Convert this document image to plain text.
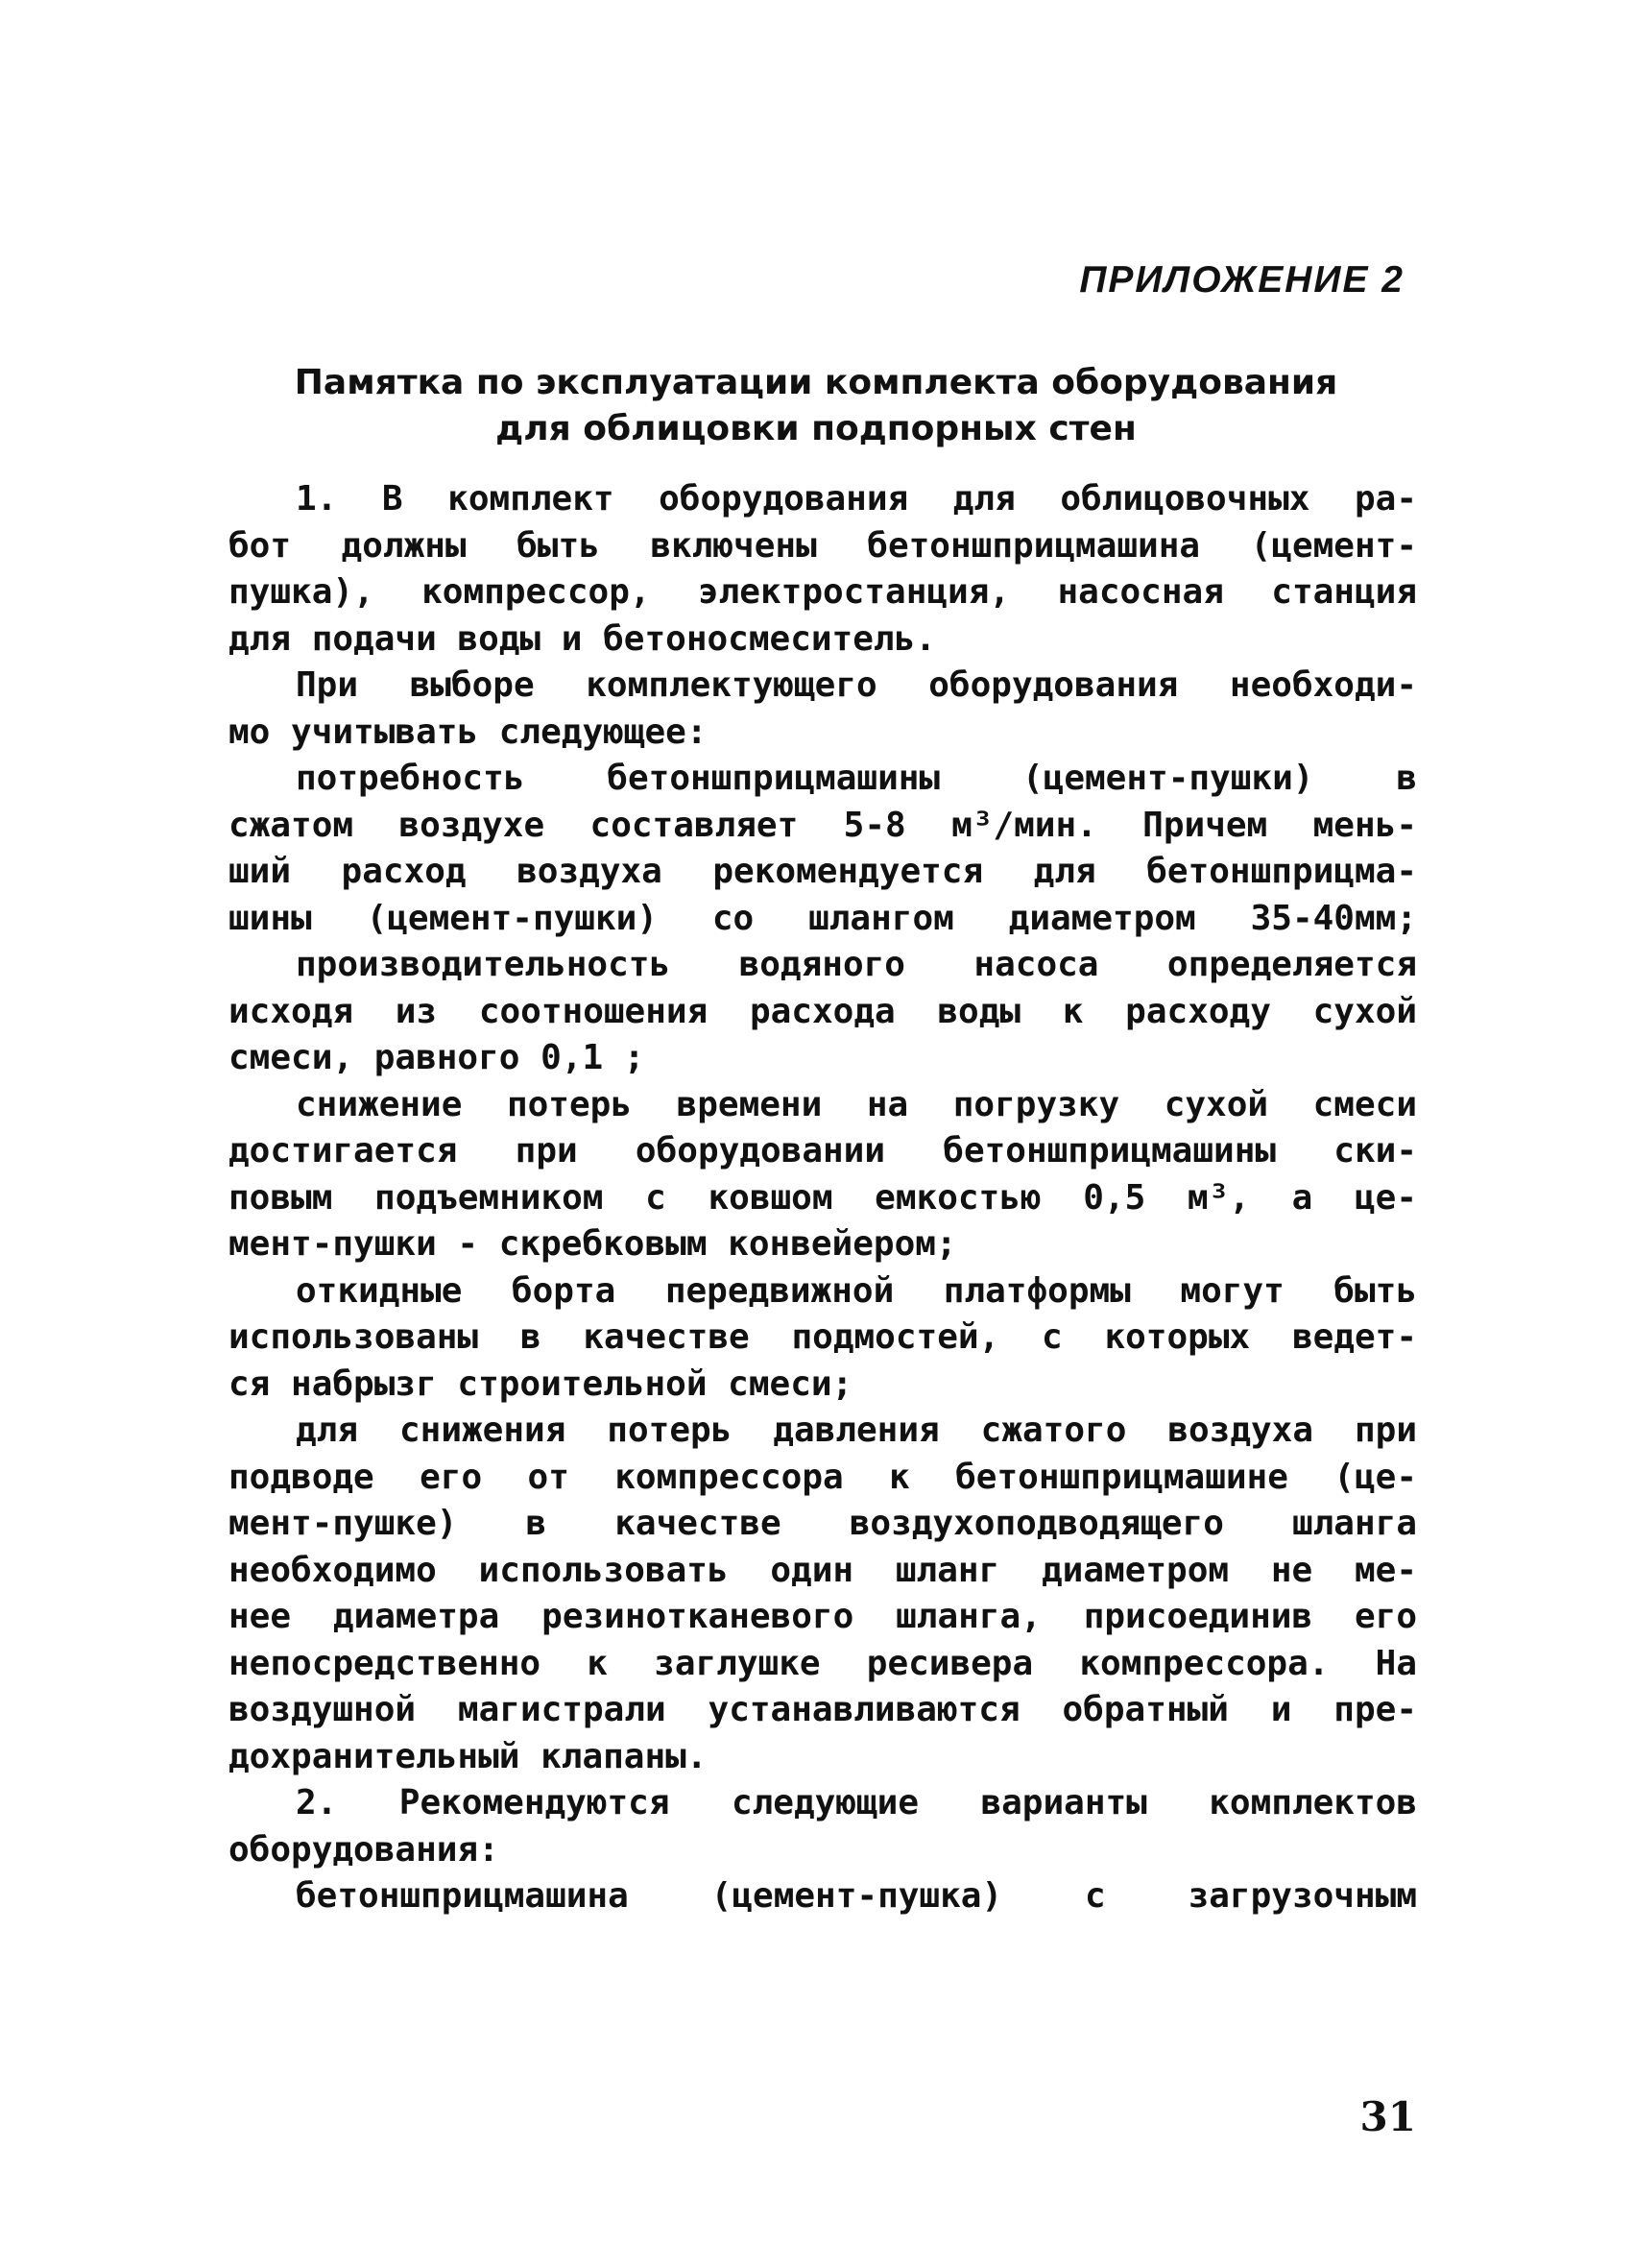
ПРИЛОЖЕНИЕ 2
Памятка по эксплуатации комплекта оборудования
для облицовки подпорных стен
1. В комплект оборудования для облицовочных ра-
бот должны быть включены бетоншприцмашина (цемент-
пушка), компрессор, электростанция, насосная станция
для подачи воды и бетоносмеситель.
При выборе комплектующего оборудования необходи-
мо учитывать следующее:
потребность бетоншприцмашины (цемент-пушки) в
сжатом воздухе составляет 5-8 м³/мин. Причем мень-
ший расход воздуха рекомендуется для бетоншприцма-
шины (цемент-пушки) со шлангом диаметром 35-40мм;
производительность водяного насоса определяется
исходя из соотношения расхода воды к расходу сухой
смеси, равного 0,1 ;
снижение потерь времени на погрузку сухой смеси
достигается при оборудовании бетоншприцмашины ски-
повым подъемником с ковшом емкостью 0,5 м³, а це-
мент-пушки - скребковым конвейером;
откидные борта передвижной платформы могут быть
использованы в качестве подмостей, с которых ведет-
ся набрызг строительной смеси;
для снижения потерь давления сжатого воздуха при
подводе его от компрессора к бетоншприцмашине (це-
мент-пушке) в качестве воздухоподводящего шланга
необходимо использовать один шланг диаметром не ме-
нее диаметра резинотканевого шланга, присоединив его
непосредственно к заглушке ресивера компрессора. На
воздушной магистрали устанавливаются обратный и пре-
дохранительный клапаны.
2. Рекомендуются следующие варианты комплектов
оборудования:
бетоншприцмашина (цемент-пушка) с загрузочным
31
